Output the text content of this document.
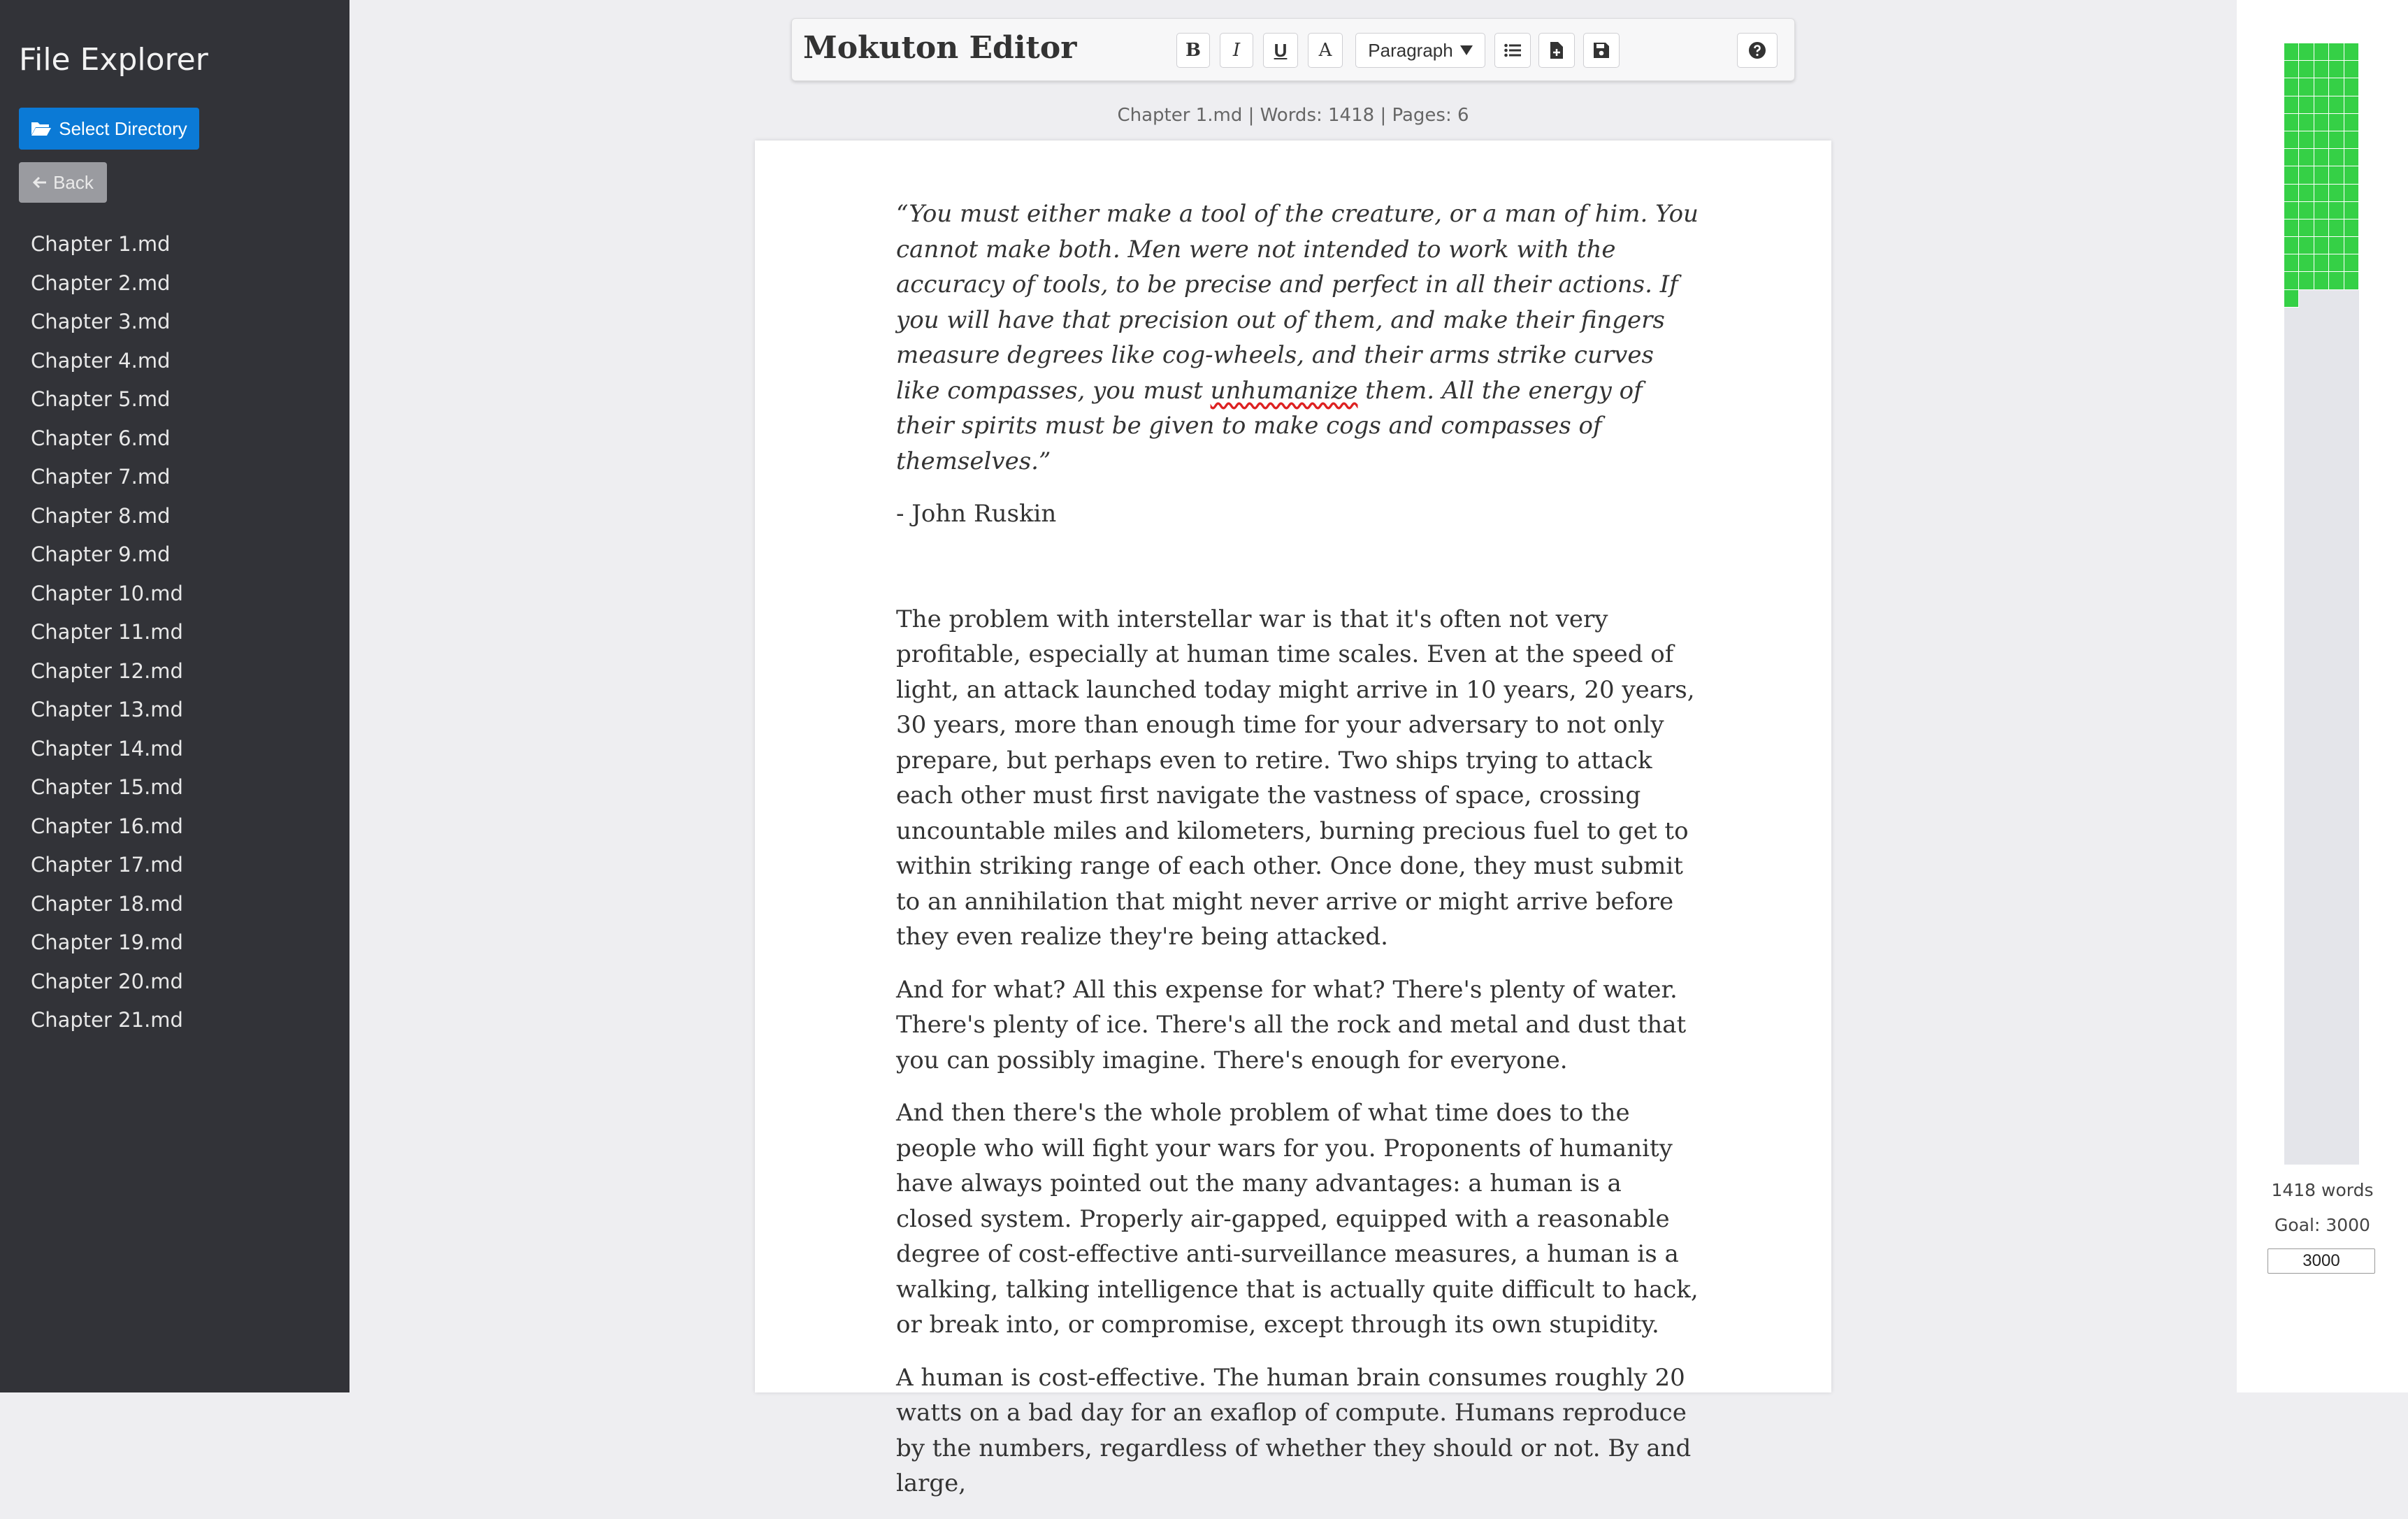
File Explorer
Select Directory
Back
Chapter 1.md
Chapter 2.md
Chapter 3.md
Chapter 4.md
Chapter 5.md
Chapter 6.md
Chapter 7.md
Chapter 8.md
Chapter 9.md
Chapter 10.md
Chapter 11.md
Chapter 12.md
Chapter 13.md
Chapter 14.md
Chapter 15.md
Chapter 16.md
Chapter 17.md
Chapter 18.md
Chapter 19.md
Chapter 20.md
Chapter 21.md
Mokuton Editor	B I U A Paragraph
Chapter 1.md | Words: 1418 | Pages: 6

“You must either make a tool of the creature, or a man of him. You cannot make both. Men were not intended to work with the accuracy of tools, to be precise and perfect in all their actions. If you will have that precision out of them, and make their fingers measure degrees like cog-wheels, and their arms strike curves like compasses, you must unhumanize them. All the energy of their spirits must be given to make cogs and compasses of themselves.”

- John Ruskin

The problem with interstellar war is that it's often not very profitable, especially at human time scales. Even at the speed of light, an attack launched today might arrive in 10 years, 20 years, 30 years, more than enough time for your adversary to not only prepare, but perhaps even to retire. Two ships trying to attack each other must first navigate the vastness of space, crossing uncountable miles and kilometers, burning precious fuel to get to within striking range of each other. Once done, they must submit to an annihilation that might never arrive or might arrive before they even realize they're being attacked.

And for what? All this expense for what? There's plenty of water. There's plenty of ice. There's all the rock and metal and dust that you can possibly imagine. There's enough for everyone.

And then there's the whole problem of what time does to the people who will fight your wars for you. Proponents of humanity have always pointed out the many advantages: a human is a closed system. Properly air-gapped, equipped with a reasonable degree of cost-effective anti-surveillance measures, a human is a walking, talking intelligence that is actually quite difficult to hack, or break into, or compromise, except through its own stupidity.

A human is cost-effective. The human brain consumes roughly 20 watts on a bad day for an exaflop of compute. Humans reproduce by the numbers, regardless of whether they should or not. By and large,

1418 words
Goal: 3000
3000
